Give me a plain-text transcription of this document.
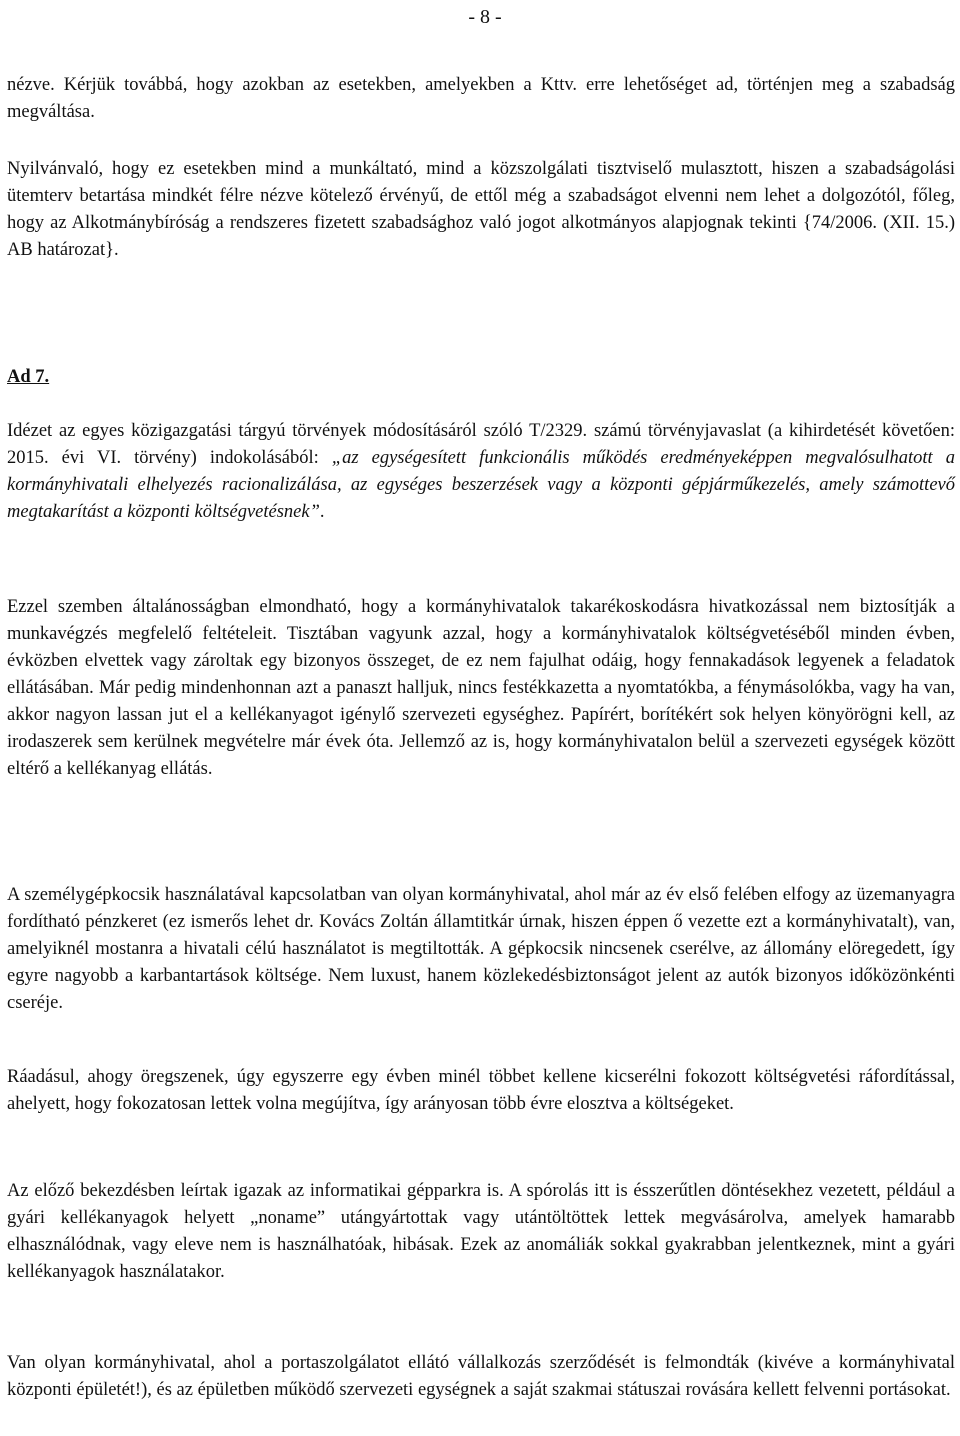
- 8 -

nézve. Kérjük továbbá, hogy azokban az esetekben, amelyekben a Kttv. erre lehetőséget ad, történjen meg a szabadság megváltása.

Nyilvánvaló, hogy ez esetekben mind a munkáltató, mind a közszolgálati tisztviselő mulasztott, hiszen a szabadságolási ütemterv betartása mindkét félre nézve kötelező érvényű, de ettől még a szabadságot elvenni nem lehet a dolgozótól, főleg, hogy az Alkotmánybíróság a rendszeres fizetett szabadsághoz való jogot alkotmányos alapjognak tekinti {74/2006. (XII. 15.) AB határozat}.

Ad 7.

Idézet az egyes közigazgatási tárgyú törvények módosításáról szóló T/2329. számú törvényjavaslat (a kihirdetését követően: 2015. évi VI. törvény) indokolásából: „az egységesített funkcionális működés eredményeképpen megvalósulhatott a kormányhivatali elhelyezés racionalizálása, az egységes beszerzések vagy a központi gépjárműkezelés, amely számottevő megtakarítást a központi költségvetésnek”.

Ezzel szemben általánosságban elmondható, hogy a kormányhivatalok takarékoskodásra hivatkozással nem biztosítják a munkavégzés megfelelő feltételeit. Tisztában vagyunk azzal, hogy a kormányhivatalok költségvetéséből minden évben, évközben elvettek vagy zároltak egy bizonyos összeget, de ez nem fajulhat odáig, hogy fennakadások legyenek a feladatok ellátásában. Már pedig mindenhonnan azt a panaszt halljuk, nincs festékkazetta a nyomtatókba, a fénymásolókba, vagy ha van, akkor nagyon lassan jut el a kellékanyagot igénylő szervezeti egységhez. Papírért, borítékért sok helyen könyörögni kell, az irodaszerek sem kerülnek megvételre már évek óta. Jellemző az is, hogy kormányhivatalon belül a szervezeti egységek között eltérő a kellékanyag ellátás.

A személygépkocsik használatával kapcsolatban van olyan kormányhivatal, ahol már az év első felében elfogy az üzemanyagra fordítható pénzkeret (ez ismerős lehet dr. Kovács Zoltán államtitkár úrnak, hiszen éppen ő vezette ezt a kormányhivatalt), van, amelyiknél mostanra a hivatali célú használatot is megtiltották. A gépkocsik nincsenek cserélve, az állomány elöregedett, így egyre nagyobb a karbantartások költsége. Nem luxust, hanem közlekedésbiztonságot jelent az autók bizonyos időközönkénti cseréje.

Ráadásul, ahogy öregszenek, úgy egyszerre egy évben minél többet kellene kicserélni fokozott költségvetési ráfordítással, ahelyett, hogy fokozatosan lettek volna megújítva, így arányosan több évre elosztva a költségeket.

Az előző bekezdésben leírtak igazak az informatikai gépparkra is. A spórolás itt is ésszerűtlen döntésekhez vezetett, például a gyári kellékanyagok helyett „noname” utángyártottak vagy utántöltöttek lettek megvásárolva, amelyek hamarabb elhasználódnak, vagy eleve nem is használhatóak, hibásak. Ezek az anomáliák sokkal gyakrabban jelentkeznek, mint a gyári kellékanyagok használatakor.

Van olyan kormányhivatal, ahol a portaszolgálatot ellátó vállalkozás szerződését is felmondták (kivéve a kormányhivatal központi épületét!), és az épületben működő szervezeti egységnek a saját szakmai státuszai rovására kellett felvenni portásokat.
